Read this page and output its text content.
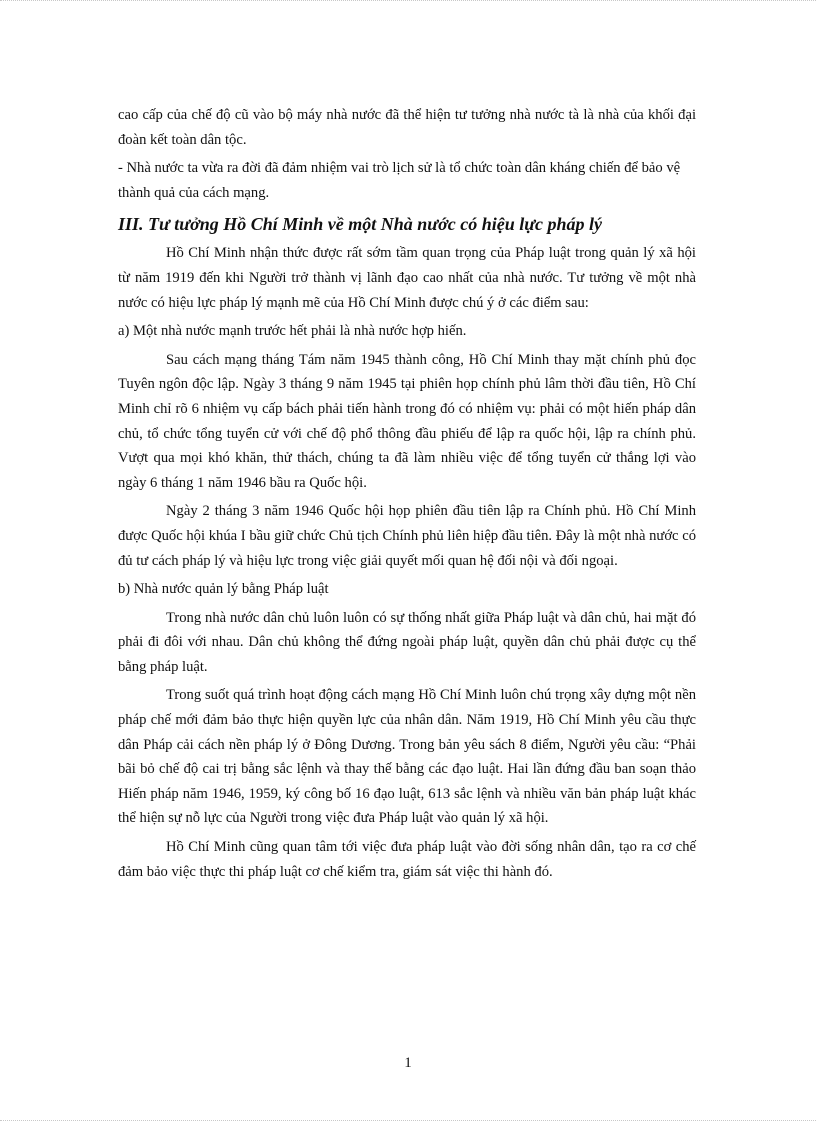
cao cấp của chế độ cũ vào bộ máy nhà nước đã thể hiện tư tưởng nhà nước tà là nhà của khối đại đoàn kết toàn dân tộc.

- Nhà nước ta vừa ra đời đã đảm nhiệm vai trò lịch sử là tổ chức toàn dân kháng chiến để bảo vệ thành quả của cách mạng.

III. Tư tưởng Hồ Chí Minh về một Nhà nước có hiệu lực pháp lý

Hồ Chí Minh nhận thức được rất sớm tầm quan trọng của Pháp luật trong quản lý xã hội từ năm 1919 đến khi Người trở thành vị lãnh đạo cao nhất của nhà nước. Tư tưởng về một nhà nước có hiệu lực pháp lý mạnh mẽ của Hồ Chí Minh được chú ý ở các điểm sau:

a) Một nhà nước mạnh trước hết phải là nhà nước hợp hiến.

Sau cách mạng tháng Tám năm 1945 thành công, Hồ Chí Minh thay mặt chính phủ đọc Tuyên ngôn độc lập. Ngày 3 tháng 9 năm 1945 tại phiên họp chính phủ lâm thời đầu tiên, Hồ Chí Minh chỉ rõ 6 nhiệm vụ cấp bách phải tiến hành trong đó có nhiệm vụ: phải có một hiến pháp dân chủ, tổ chức tổng tuyển cử với chế độ phổ thông đầu phiếu để lập ra quốc hội, lập ra chính phủ. Vượt qua mọi khó khăn, thử thách, chúng ta đã làm nhiều việc để tổng tuyển cử thắng lợi vào ngày 6 tháng 1 năm 1946 bầu ra Quốc hội.

Ngày 2 tháng 3 năm 1946 Quốc hội họp phiên đầu tiên lập ra Chính phủ. Hồ Chí Minh được Quốc hội khúa I bầu giữ chức Chủ tịch Chính phủ liên hiệp đầu tiên. Đây là một nhà nước có đủ tư cách pháp lý và hiệu lực trong việc giải quyết mối quan hệ đối nội và đối ngoại.

b) Nhà nước quản lý bằng Pháp luật

Trong nhà nước dân chủ luôn luôn có sự thống nhất giữa Pháp luật và dân chủ, hai mặt đó phải đi đôi với nhau. Dân chủ không thể đứng ngoài pháp luật, quyền dân chủ phải được cụ thể bằng pháp luật.

Trong suốt quá trình hoạt động cách mạng Hồ Chí Minh luôn chú trọng xây dựng một nền pháp chế mới đảm bảo thực hiện quyền lực của nhân dân. Năm 1919, Hồ Chí Minh yêu cầu thực dân Pháp cải cách nền pháp lý ở Đông Dương. Trong bản yêu sách 8 điểm, Người yêu cầu: “Phải bãi bỏ chế độ cai trị bằng sắc lệnh và thay thế bằng các đạo luật. Hai lần đứng đầu ban soạn thảo Hiến pháp năm 1946, 1959, ký công bố 16 đạo luật, 613 sắc lệnh và nhiều văn bản pháp luật khác thể hiện sự nỗ lực của Người trong việc đưa Pháp luật vào quản lý xã hội.

Hồ Chí Minh cũng quan tâm tới việc đưa pháp luật vào đời sống nhân dân, tạo ra cơ chế đảm bảo việc thực thi pháp luật cơ chế kiểm tra, giám sát việc thi hành đó.

1
